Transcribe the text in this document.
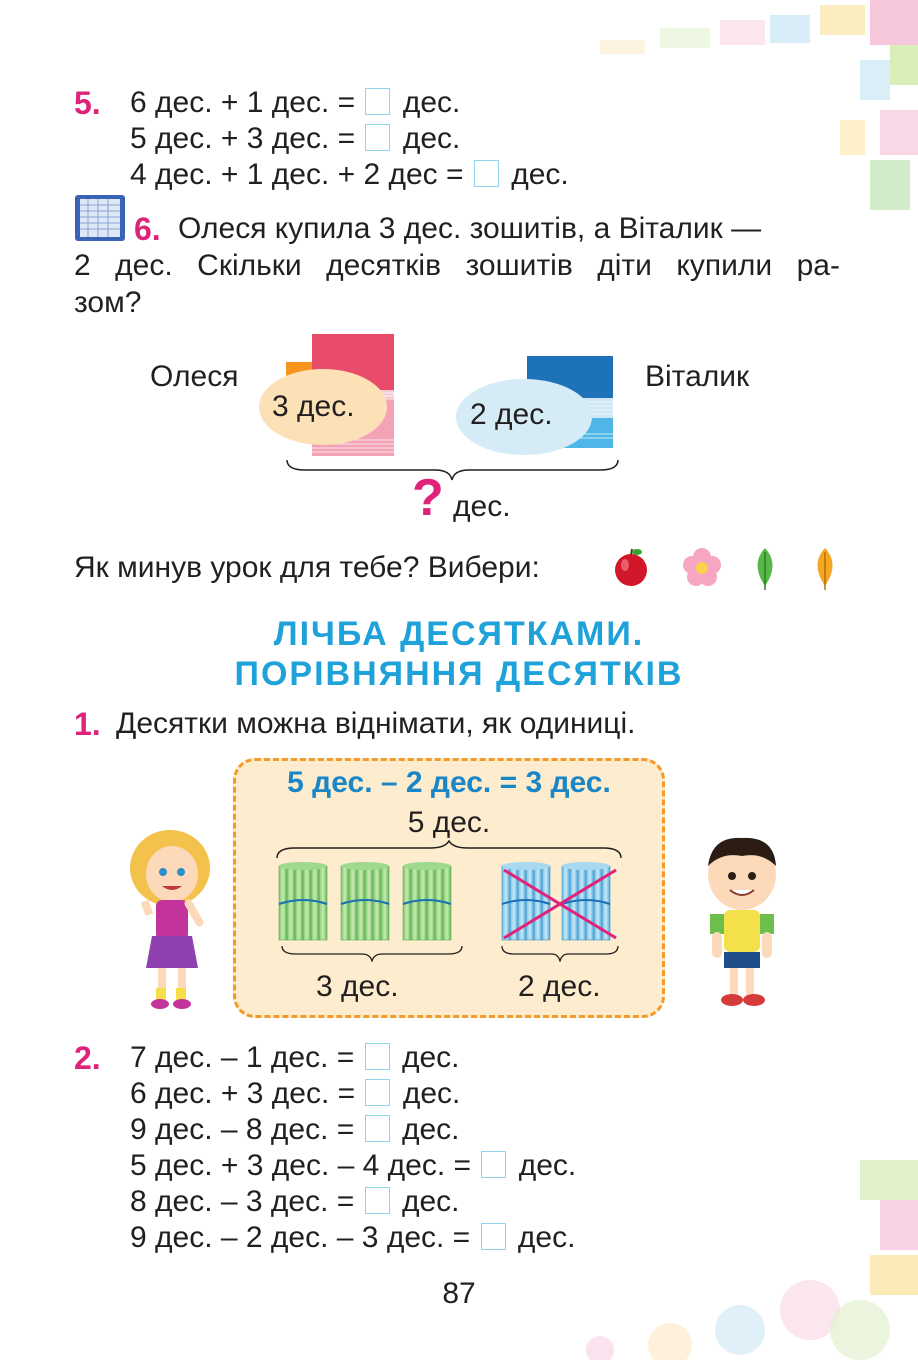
5. 6 дес. + 1 дес. = дес.
5 дес. + 3 дес. = дес.
4 дес. + 1 дес. + 2 дес = дес.
6. Олеся купила 3 дес. зошитів, а Віталик —
2 дес. Скільки десятків зошитів діти купили ра-
зом?
Олеся	Віталик
3 дес.	2 дес.
? дес.
Як минув урок для тебе? Вибери:
ЛІЧБА ДЕСЯТКАМИ.
ПОРІВНЯННЯ ДЕСЯТКІВ
1. Десятки можна віднімати, як одиниці.
5 дес. – 2 дес. = 3 дес.
5 дес.
3 дес.	2 дес.
2. 7 дес. – 1 дес. = дес.
6 дес. + 3 дес. = дес.
9 дес. – 8 дес. = дес.
5 дес. + 3 дес. – 4 дес. = дес.
8 дес. – 3 дес. = дес.
9 дес. – 2 дес. – 3 дес. = дес.
87
